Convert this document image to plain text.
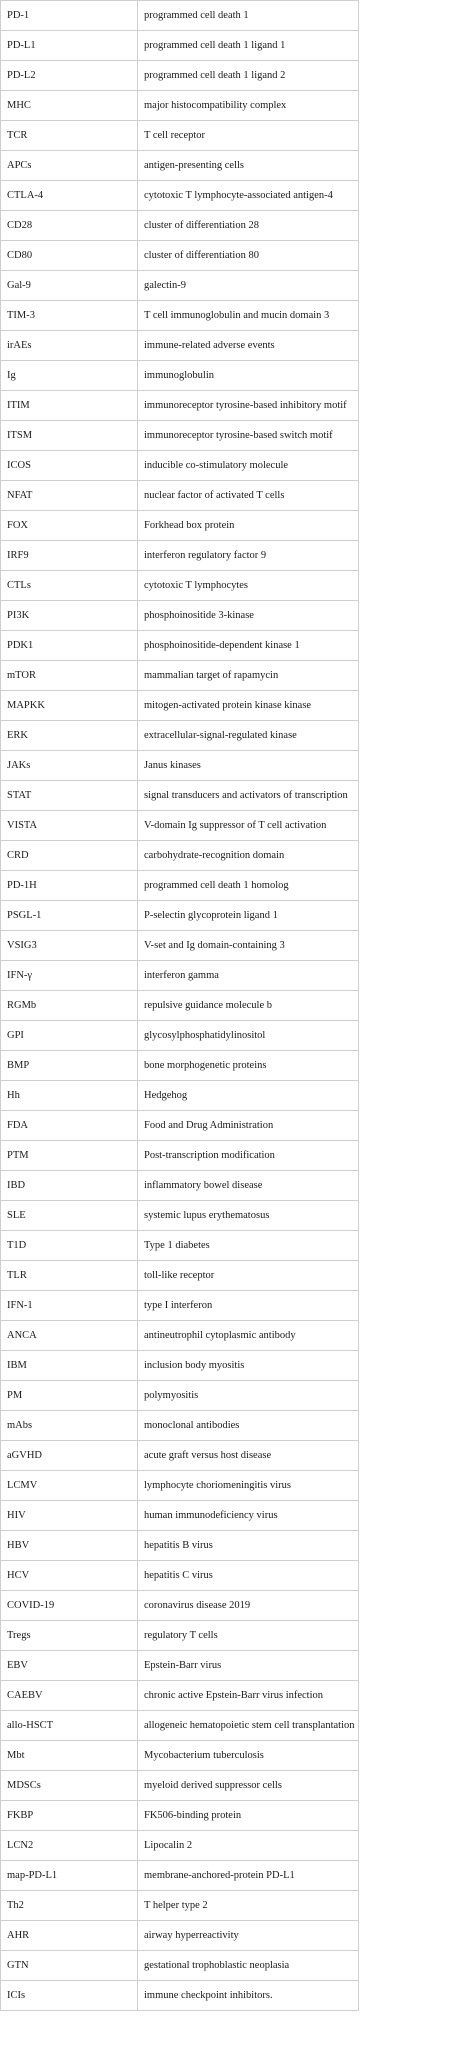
PD-1	programmed cell death 1
PD-L1	programmed cell death 1 ligand 1
PD-L2	programmed cell death 1 ligand 2
MHC	major histocompatibility complex
TCR	T cell receptor
APCs	antigen-presenting cells
CTLA-4	cytotoxic T lymphocyte-associated antigen-4
CD28	cluster of differentiation 28
CD80	cluster of differentiation 80
Gal-9	galectin-9
TIM-3	T cell immunoglobulin and mucin domain 3
irAEs	immune-related adverse events
Ig	immunoglobulin
ITIM	immunoreceptor tyrosine-based inhibitory motif
ITSM	immunoreceptor tyrosine-based switch motif
ICOS	inducible co-stimulatory molecule
NFAT	nuclear factor of activated T cells
FOX	Forkhead box protein
IRF9	interferon regulatory factor 9
CTLs	cytotoxic T lymphocytes
PI3K	phosphoinositide 3-kinase
PDK1	phosphoinositide-dependent kinase 1
mTOR	mammalian target of rapamycin
MAPKK	mitogen-activated protein kinase kinase
ERK	extracellular-signal-regulated kinase
JAKs	Janus kinases
STAT	signal transducers and activators of transcription
VISTA	V-domain Ig suppressor of T cell activation
CRD	carbohydrate-recognition domain
PD-1H	programmed cell death 1 homolog
PSGL-1	P-selectin glycoprotein ligand 1
VSIG3	V-set and Ig domain-containing 3
IFN-γ	interferon gamma
RGMb	repulsive guidance molecule b
GPI	glycosylphosphatidylinositol
BMP	bone morphogenetic proteins
Hh	Hedgehog
FDA	Food and Drug Administration
PTM	Post-transcription modification
IBD	inflammatory bowel disease
SLE	systemic lupus erythematosus
T1D	Type 1 diabetes
TLR	toll-like receptor
IFN-1	type I interferon
ANCA	antineutrophil cytoplasmic antibody
IBM	inclusion body myositis
PM	polymyositis
mAbs	monoclonal antibodies
aGVHD	acute graft versus host disease
LCMV	lymphocyte choriomeningitis virus
HIV	human immunodeficiency virus
HBV	hepatitis B virus
HCV	hepatitis C virus
COVID-19	coronavirus disease 2019
Tregs	regulatory T cells
EBV	Epstein-Barr virus
CAEBV	chronic active Epstein-Barr virus infection
allo-HSCT	allogeneic hematopoietic stem cell transplantation
Mbt	Mycobacterium tuberculosis
MDSCs	myeloid derived suppressor cells
FKBP	FK506-binding protein
LCN2	Lipocalin 2
map-PD-L1	membrane-anchored-protein PD-L1
Th2	T helper type 2
AHR	airway hyperreactivity
GTN	gestational trophoblastic neoplasia
ICIs	immune checkpoint inhibitors.
